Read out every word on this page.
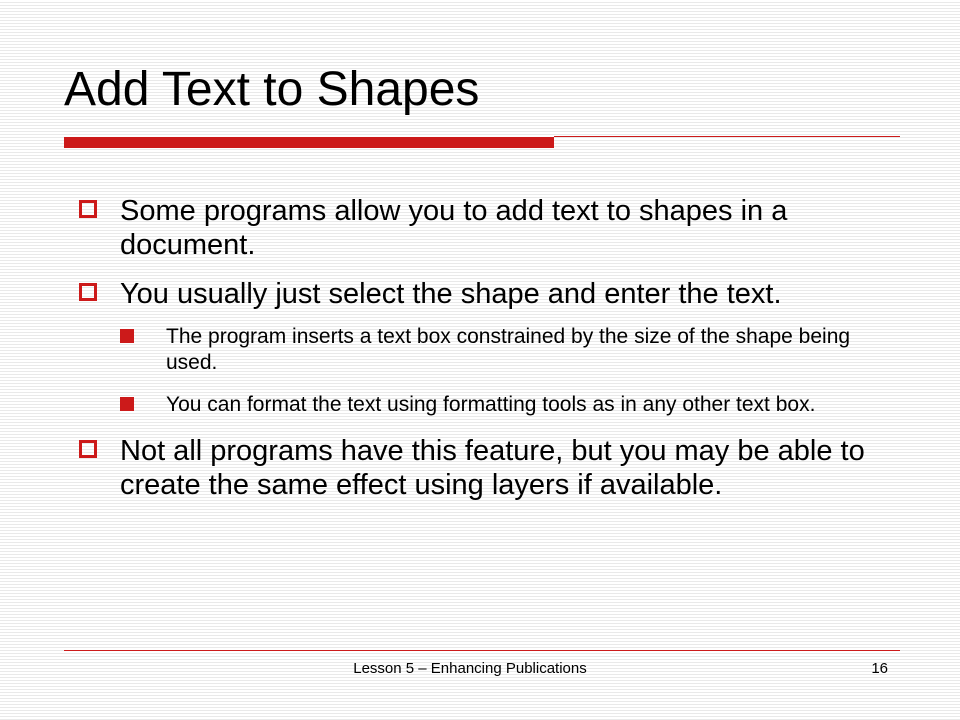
Add Text to Shapes
Some programs allow you to add text to shapes in a document.
You usually just select the shape and enter the text.
The program inserts a text box constrained by the size of the shape being used.
You can format the text using formatting tools as in any other text box.
Not all programs have this feature, but you may be able to create the same effect using layers if available.
Lesson 5 – Enhancing Publications	16
